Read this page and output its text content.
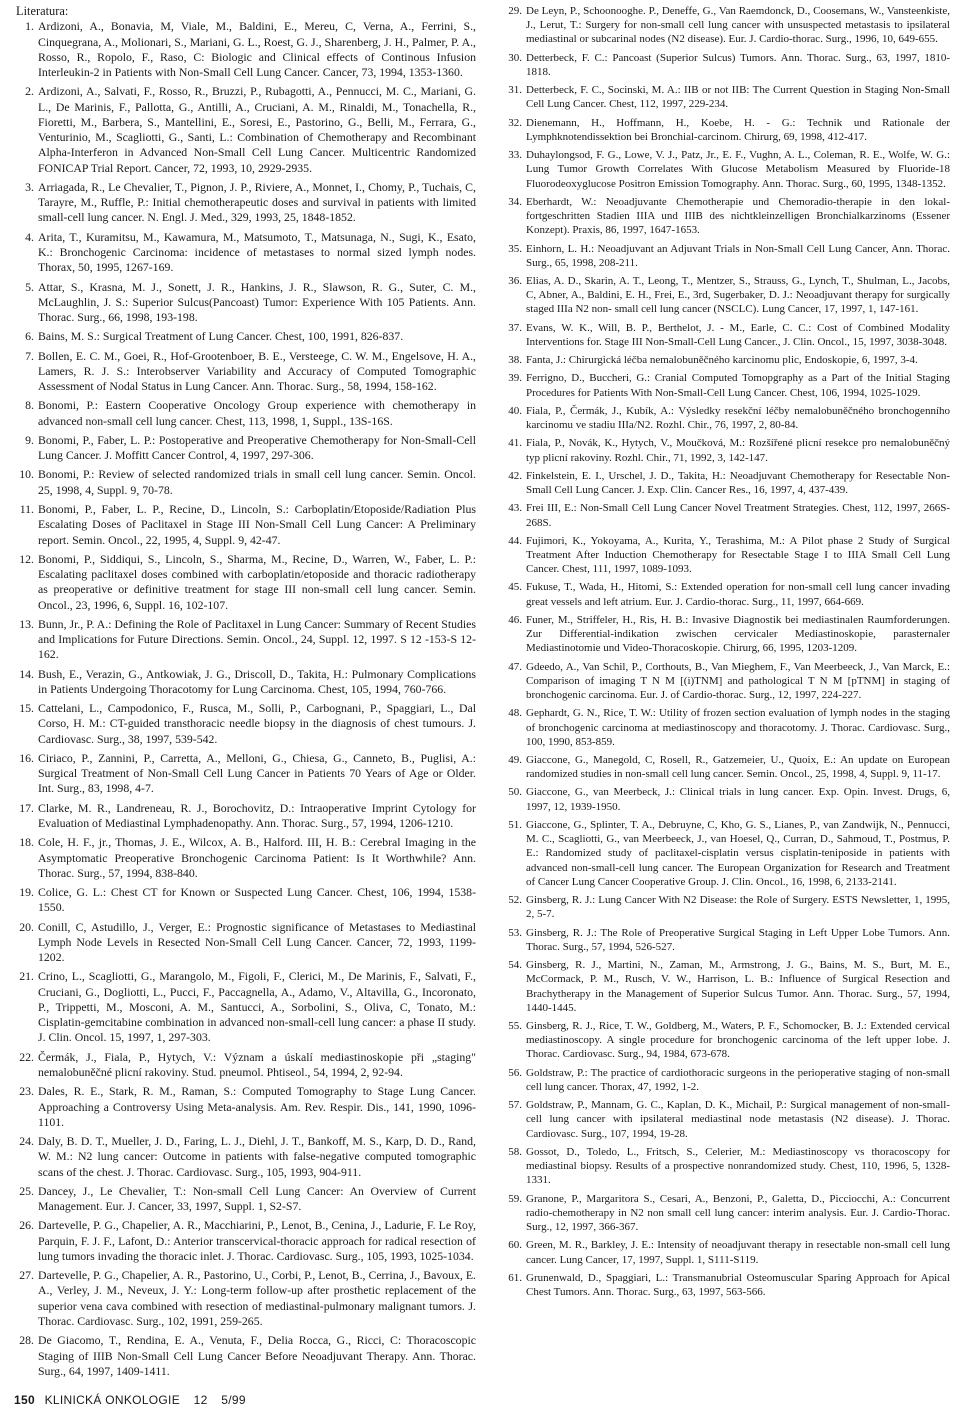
Literatura:
1. Ardizoni, A., Bonavia, M, Viale, M., Baldini, E., Mereu, C, Verna, A., Ferrini, S., Cinquegrana, A., Molionari, S., Mariani, G. L., Roest, G. J., Sharenberg, J. H., Palmer, P. A., Rosso, R., Ropolo, F., Raso, C: Biologic and Clinical effects of Continous Infusion Interleukin-2 in Patients with Non-Small Cell Lung Cancer. Cancer, 73, 1994, 1353-1360.
2. Ardizoni, A., Salvati, F., Rosso, R., Bruzzi, P., Rubagotti, A., Pennucci, M. C., Mariani, G. L., De Marinis, F., Pallotta, G., Antilli, A., Cruciani, A. M., Rinaldi, M., Tonachella, R., Fioretti, M., Barbera, S., Mantellini, E., Soresi, E., Pastorino, G., Belli, M., Ferrara, G., Venturinio, M., Scagliotti, G., Santi, L.: Combination of Chemotherapy and Recombinant Alpha-Interferon in Advanced Non-Small Cell Lung Cancer. Multicentric Randomized FONICAP Trial Report. Cancer, 72, 1993, 10, 2929-2935.
3. Arriagada, R., Le Chevalier, T., Pignon, J. P., Riviere, A., Monnet, I., Chomy, P., Tuchais, C, Tarayre, M., Ruffle, P.: Initial chemotherapeutic doses and survival in patients with limited small-cell lung cancer. N. Engl. J. Med., 329, 1993, 25, 1848-1852.
4. Arita, T., Kuramitsu, M., Kawamura, M., Matsumoto, T., Matsunaga, N., Sugi, K., Esato, K.: Bronchogenic Carcinoma: incidence of metastases to normal sized lymph nodes. Thorax, 50, 1995, 1267-169.
5. Attar, S., Krasna, M. J., Sonett, J. R., Hankins, J. R., Slawson, R. G., Suter, C. M., McLaughlin, J. S.: Superior Sulcus(Pancoast) Tumor: Experience With 105 Patients. Ann. Thorac. Surg., 66, 1998, 193-198.
6. Bains, M. S.: Surgical Treatment of Lung Cancer. Chest, 100, 1991, 826-837.
7. Bollen, E. C. M., Goei, R., Hof-Grootenboer, B. E., Versteege, C. W. M., Engelsove, H. A., Lamers, R. J. S.: Interobserver Variability and Accuracy of Computed Tomographic Assessment of Nodal Status in Lung Cancer. Ann. Thorac. Surg., 58, 1994, 158-162.
8. Bonomi, P.: Eastern Cooperative Oncology Group experience with chemotherapy in advanced non-small cell lung cancer. Chest, 113, 1998, 1, Suppl., 13S-16S.
9. Bonomi, P., Faber, L. P.: Postoperative and Preoperative Chemotherapy for Non-Small-Cell Lung Cancer. J. Moffitt Cancer Control, 4, 1997, 297-306.
10. Bonomi, P.: Review of selected randomized trials in small cell lung cancer. Semin. Oncol. 25, 1998, 4, Suppl. 9, 70-78.
11. Bonomi, P., Faber, L. P., Recine, D., Lincoln, S.: Carboplatin/Etoposide/Radiation Plus Escalating Doses of Paclitaxel in Stage III Non-Small Cell Lung Cancer: A Preliminary report. Semin. Oncol., 22, 1995, 4, Suppl. 9, 42-47.
12. Bonomi, P., Siddiqui, S., Lincoln, S., Sharma, M., Recine, D., Warren, W., Faber, L. P.: Escalating paclitaxel doses combined with carboplatin/etoposide and thoracic radiotherapy as preoperative or definitive treatment for stage III non-small cell lung cancer. Semin. Oncol., 23, 1996, 6, Suppl. 16, 102-107.
13. Bunn, Jr., P. A.: Defining the Role of Paclitaxel in Lung Cancer: Summary of Recent Studies and Implications for Future Directions. Semin. Oncol., 24, Suppl. 12, 1997. S 12 -153-S 12-162.
14. Bush, E., Verazin, G., Antkowiak, J. G., Driscoll, D., Takita, H.: Pulmonary Complications in Patients Undergoing Thoracotomy for Lung Carcinoma. Chest, 105, 1994, 760-766.
15. Cattelani, L., Campodonico, F., Rusca, M., Solli, P., Carbognani, P., Spaggiari, L., Dal Corso, H. M.: CT-guided transthoracic needle biopsy in the diagnosis of chest tumours. J. Cardiovasc. Surg., 38, 1997, 539-542.
16. Ciriaco, P., Zannini, P., Carretta, A., Melloni, G., Chiesa, G., Canneto, B., Puglisi, A.: Surgical Treatment of Non-Small Cell Lung Cancer in Patients 70 Years of Age or Older. Int. Surg., 83, 1998, 4-7.
17. Clarke, M. R., Landreneau, R. J., Borochovitz, D.: Intraoperative Imprint Cytology for Evaluation of Mediastinal Lymphadenopathy. Ann. Thorac. Surg., 57, 1994, 1206-1210.
18. Cole, H. F., jr., Thomas, J. E., Wilcox, A. B., Halford. III, H. B.: Cerebral Imaging in the Asymptomatic Preoperative Bronchogenic Carcinoma Patient: Is It Worthwhile? Ann. Thorac. Surg., 57, 1994, 838-840.
19. Colice, G. L.: Chest CT for Known or Suspected Lung Cancer. Chest, 106, 1994, 1538-1550.
20. Conill, C, Astudillo, J., Verger, E.: Prognostic significance of Metastases to Mediastinal Lymph Node Levels in Resected Non-Small Cell Lung Cancer. Cancer, 72, 1993, 1199-1202.
21. Crino, L., Scagliotti, G., Marangolo, M., Figoli, F., Clerici, M., De Marinis, F., Salvati, F., Cruciani, G., Dogliotti, L., Pucci, F., Paccagnella, A., Adamo, V., Altavilla, G., Incoronato, P., Trippetti, M., Mosconi, A. M., Santucci, A., Sorbolini, S., Oliva, C, Tonato, M.: Cisplatin-gemcitabine combination in advanced non-small-cell lung cancer: a phase II study. J. Clin. Oncol. 15, 1997, 1, 297-303.
22. Čermák, J., Fiala, P., Hytych, V.: Význam a úskalí mediastinoskopie při „staging" nemalobuněčné plicní rakoviny. Stud. pneumol. Phtiseol., 54, 1994, 2, 92-94.
23. Dales, R. E., Stark, R. M., Raman, S.: Computed Tomography to Stage Lung Cancer. Approaching a Controversy Using Meta-analysis. Am. Rev. Respir. Dis., 141, 1990, 1096-1101.
24. Daly, B. D. T., Mueller, J. D., Faring, L. J., Diehl, J. T., Bankoff, M. S., Karp, D. D., Rand, W. M.: N2 lung cancer: Outcome in patients with false-negative computed tomographic scans of the chest. J. Thorac. Cardiovasc. Surg., 105, 1993, 904-911.
25. Dancey, J., Le Chevalier, T.: Non-small Cell Lung Cancer: An Overview of Current Management. Eur. J. Cancer, 33, 1997, Suppl. 1, S2-S7.
26. Dartevelle, P. G., Chapelier, A. R., Macchiarini, P., Lenot, B., Cenina, J., Ladurie, F. Le Roy, Parquin, F. J. F., Lafont, D.: Anterior transcervical-thoracic approach for radical resection of lung tumors invading the thoracic inlet. J. Thorac. Cardiovasc. Surg., 105, 1993, 1025-1034.
27. Dartevelle, P. G., Chapelier, A. R., Pastorino, U., Corbi, P., Lenot, B., Cerrina, J., Bavoux, E. A., Verley, J. M., Neveux, J. Y.: Long-term follow-up after prosthetic replacement of the superior vena cava combined with resection of mediastinal-pulmonary malignant tumors. J. Thorac. Cardiovasc. Surg., 102, 1991, 259-265.
28. De Giacomo, T., Rendina, E. A., Venuta, F., Delia Rocca, G., Ricci, C: Thoracoscopic Staging of IIIB Non-Small Cell Lung Cancer Before Neoadjuvant Therapy. Ann. Thorac. Surg., 64, 1997, 1409-1411.
29. De Leyn, P., Schoonooghe. P., Deneffe, G., Van Raemdonck, D., Coosemans, W., Vansteenkiste, J., Lerut, T.: Surgery for non-small cell lung cancer with unsuspected metastasis to ipsilateral mediastinal or subcarinal nodes (N2 disease). Eur. J. Cardio-thorac. Surg., 1996, 10, 649-655.
30. Detterbeck, F. C.: Pancoast (Superior Sulcus) Tumors. Ann. Thorac. Surg., 63, 1997, 1810-1818.
31. Detterbeck, F. C., Socinski, M. A.: IIB or not IIB: The Current Question in Staging Non-Small Cell Lung Cancer. Chest, 112, 1997, 229-234.
32. Dienemann, H., Hoffmann, H., Koebe, H. - G.: Technik und Rationale der Lymphknotendissektion bei Bronchial-carcinom. Chirurg, 69, 1998, 412-417.
33. Duhaylongsod, F. G., Lowe, V. J., Patz, Jr., E. F., Vughn, A. L., Coleman, R. E., Wolfe, W. G.: Lung Tumor Growth Correlates With Glucose Metabolism Measured by Fluoride-18 Fluorodeoxyglucose Positron Emission Tomography. Ann. Thorac. Surg., 60, 1995, 1348-1352.
34. Eberhardt, W.: Neoadjuvante Chemotherapie und Chemoradio-therapie in den lokal-fortgeschritten Stadien IIIA und IIIB des nichtkleinzelligen Bronchialkarzinoms (Essener Konzept). Praxis, 86, 1997, 1647-1653.
35. Einhorn, L. H.: Neoadjuvant an Adjuvant Trials in Non-Small Cell Lung Cancer, Ann. Thorac. Surg., 65, 1998, 208-211.
36. Elias, A. D., Skarin, A. T., Leong, T., Mentzer, S., Strauss, G., Lynch, T., Shulman, L., Jacobs, C, Abner, A., Baldini, E. H., Frei, E., 3rd, Sugerbaker, D. J.: Neoadjuvant therapy for surgically staged IIIa N2 non- small cell lung cancer (NSCLC). Lung Cancer, 17, 1997, 1, 147-161.
37. Evans, W. K., Will, B. P., Berthelot, J. - M., Earle, C. C.: Cost of Combined Modality Interventions for. Stage III Non-Small-Cell Lung Cancer., J. Clin. Oncol., 15, 1997, 3038-3048.
38. Fanta, J.: Chirurgická léčba nemalobuněčného karcinomu plic, Endoskopie, 6, 1997, 3-4.
39. Ferrigno, D., Buccheri, G.: Cranial Computed Tomopgraphy as a Part of the Initial Staging Procedures for Patients With Non-Small-Cell Lung Cancer. Chest, 106, 1994, 1025-1029.
40. Fiala, P., Čermák, J., Kubík, A.: Výsledky resekční léčby nemalobuněčného bronchogenního karcinomu ve stadiu IIIa/N2. Rozhl. Chir., 76, 1997, 2, 80-84.
41. Fiala, P., Novák, K., Hytych, V., Moučková, M.: Rozšířené plicní resekce pro nemalobuněčný typ plicní rakoviny. Rozhl. Chir., 71, 1992, 3, 142-147.
42. Finkelstein, E. I., Urschel, J. D., Takita, H.: Neoadjuvant Chemotherapy for Resectable Non-Small Cell Lung Cancer. J. Exp. Clin. Cancer Res., 16, 1997, 4, 437-439.
43. Frei III, E.: Non-Small Cell Lung Cancer Novel Treatment Strategies. Chest, 112, 1997, 266S-268S.
44. Fujimori, K., Yokoyama, A., Kurita, Y., Terashima, M.: A Pilot phase 2 Study of Surgical Treatment After Induction Chemotherapy for Resectable Stage I to IIIA Small Cell Lung Cancer. Chest, 111, 1997, 1089-1093.
45. Fukuse, T., Wada, H., Hitomi, S.: Extended operation for non-small cell lung cancer invading great vessels and left atrium. Eur. J. Cardio-thorac. Surg., 11, 1997, 664-669.
46. Funer, M., Striffeler, H., Ris, H. B.: Invasive Diagnostik bei mediastinalen Raumforderungen. Zur Differential-indikation zwischen cervicaler Mediastinoskopie, parasternaler Mediastinotomie und Video-Thoracoskopie. Chirurg, 66, 1995, 1203-1209.
47. Gdeedo, A., Van Schil, P., Corthouts, B., Van Mieghem, F., Van Meerbeeck, J., Van Marck, E.: Comparison of imaging T N M [(i)TNM] and pathological T N M [pTNM] in staging of bronchogenic carcinoma. Eur. J. of Cardio-thorac. Surg., 12, 1997, 224-227.
48. Gephardt, G. N., Rice, T. W.: Utility of frozen section evaluation of lymph nodes in the staging of bronchogenic carcinoma at mediastinoscopy and thoracotomy. J. Thorac. Cardiovasc. Surg., 100, 1990, 853-859.
49. Giaccone, G., Manegold, C, Rosell, R., Gatzemeier, U., Quoix, E.: An update on European randomized studies in non-small cell lung cancer. Semin. Oncol., 25, 1998, 4, Suppl. 9, 11-17.
50. Giaccone, G., van Meerbeck, J.: Clinical trials in lung cancer. Exp. Opin. Invest. Drugs, 6, 1997, 12, 1939-1950.
51. Giaccone, G., Splinter, T. A., Debruyne, C, Kho, G. S., Lianes, P., van Zandwijk, N., Pennucci, M. C., Scagliotti, G., van Meerbeeck, J., van Hoesel, Q., Curran, D., Sahmoud, T., Postmus, P. E.: Randomized study of paclitaxel-cisplatin versus cisplatin-teniposide in patients with advanced non-small-cell lung cancer. The European Organization for Research and Treatment of Cancer Lung Cancer Cooperative Group. J. Clin. Oncol., 16, 1998, 6, 2133-2141.
52. Ginsberg, R. J.: Lung Cancer With N2 Disease: the Role of Surgery. ESTS Newsletter, 1, 1995, 2, 5-7.
53. Ginsberg, R. J.: The Role of Preoperative Surgical Staging in Left Upper Lobe Tumors. Ann. Thorac. Surg., 57, 1994, 526-527.
54. Ginsberg, R. J., Martini, N., Zaman, M., Armstrong, J. G., Bains, M. S., Burt, M. E., McCormack, P. M., Rusch, V. W., Harrison, L. B.: Influence of Surgical Resection and Brachytherapy in the Management of Superior Sulcus Tumor. Ann. Thorac. Surg., 57, 1994, 1440-1445.
55. Ginsberg, R. J., Rice, T. W., Goldberg, M., Waters, P. F., Schomocker, B. J.: Extended cervical mediastinoscopy. A single procedure for bronchogenic carcinoma of the left upper lobe. J. Thorac. Cardiovasc. Surg., 94, 1984, 673-678.
56. Goldstraw, P.: The practice of cardiothoracic surgeons in the perioperative staging of non-small cell lung cancer. Thorax, 47, 1992, 1-2.
57. Goldstraw, P., Mannam, G. C., Kaplan, D. K., Michail, P.: Surgical management of non-small-cell lung cancer with ipsilateral mediastinal node metastasis (N2 disease). J. Thorac. Cardiovasc. Surg., 107, 1994, 19-28.
58. Gossot, D., Toledo, L., Fritsch, S., Celerier, M.: Mediastinoscopy vs thoracoscopy for mediastinal biopsy. Results of a prospective nonrandomized study. Chest, 110, 1996, 5, 1328-1331.
59. Granone, P., Margaritora S., Cesari, A., Benzoni, P., Galetta, D., Picciocchi, A.: Concurrent radio-chemotherapy in N2 non small cell lung cancer: interim analysis. Eur. J. Cardio-Thorac. Surg., 12, 1997, 366-367.
60. Green, M. R., Barkley, J. E.: Intensity of neoadjuvant therapy in resectable non-small cell lung cancer. Lung Cancer, 17, 1997, Suppl. 1, S111-S119.
61. Grunenwald, D., Spaggiari, L.: Transmanubrial Osteomuscular Sparing Approach for Apical Chest Tumors. Ann. Thorac. Surg., 63, 1997, 563-566.
150 KLINICKÁ ONKOLOGIE 12 5/99
